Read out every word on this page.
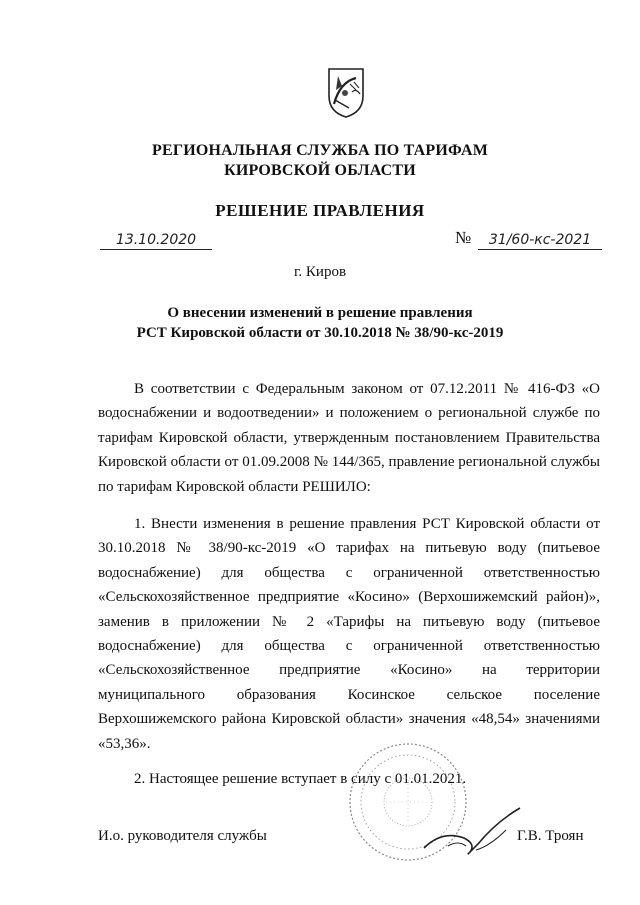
РЕГИОНАЛЬНАЯ СЛУЖБА ПО ТАРИФАМ
КИРОВСКОЙ ОБЛАСТИ
РЕШЕНИЕ ПРАВЛЕНИЯ
13.10.2020	№	31/60-кс-2021
г. Киров
О внесении изменений в решение правления
РСТ Кировской области от 30.10.2018 № 38/90-кс-2019
В соответствии с Федеральным законом от 07.12.2011 № 416-ФЗ «О водоснабжении и водоотведении» и положением о региональной службе по тарифам Кировской области, утвержденным постановлением Правительства Кировской области от 01.09.2008 № 144/365, правление региональной службы по тарифам Кировской области РЕШИЛО:
1. Внести изменения в решение правления РСТ Кировской области от 30.10.2018 № 38/90-кс-2019 «О тарифах на питьевую воду (питьевое водоснабжение) для общества с ограниченной ответственностью «Сельскохозяйственное предприятие «Косино» (Верхошижемский район)», заменив в приложении № 2 «Тарифы на питьевую воду (питьевое водоснабжение) для общества с ограниченной ответственностью «Сельскохозяйственное предприятие «Косино» на территории муниципального образования Косинское сельское поселение Верхошижемского района Кировской области» значения «48,54» значениями «53,36».
2. Настоящее решение вступает в силу с 01.01.2021.
И.о. руководителя службы	Г.В. Троян
